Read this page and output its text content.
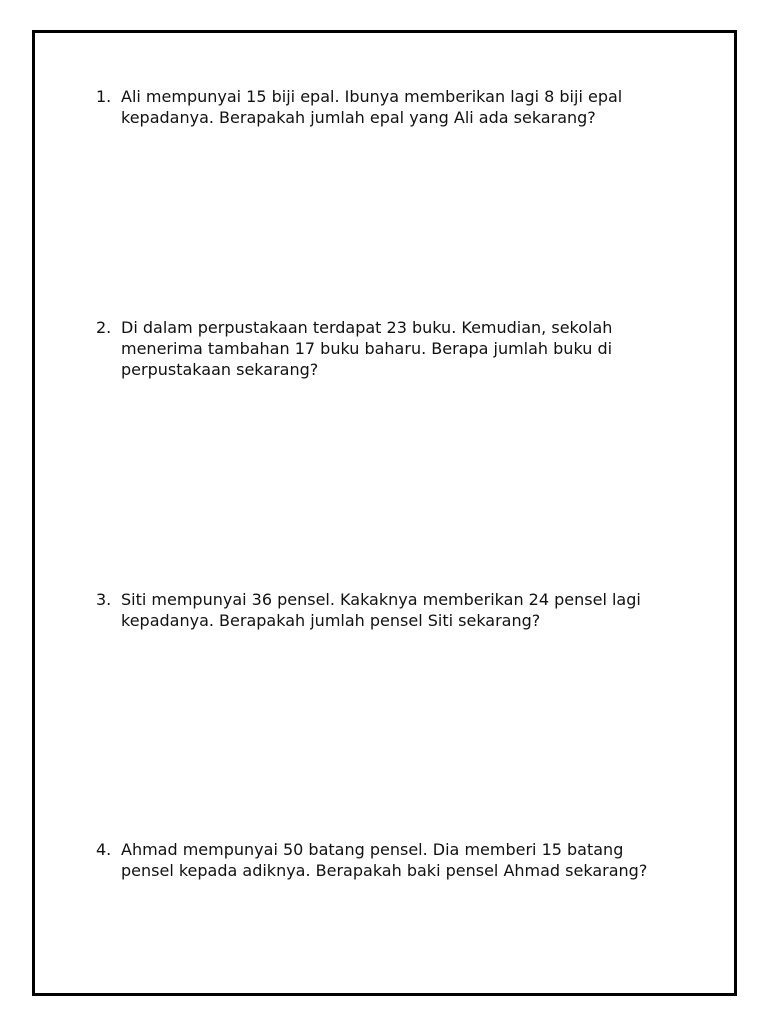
1. Ali mempunyai 15 biji epal. Ibunya memberikan lagi 8 biji epal
kepadanya. Berapakah jumlah epal yang Ali ada sekarang?
2. Di dalam perpustakaan terdapat 23 buku. Kemudian, sekolah
menerima tambahan 17 buku baharu. Berapa jumlah buku di
perpustakaan sekarang?
3. Siti mempunyai 36 pensel. Kakaknya memberikan 24 pensel lagi
kepadanya. Berapakah jumlah pensel Siti sekarang?
4. Ahmad mempunyai 50 batang pensel. Dia memberi 15 batang
pensel kepada adiknya. Berapakah baki pensel Ahmad sekarang?
